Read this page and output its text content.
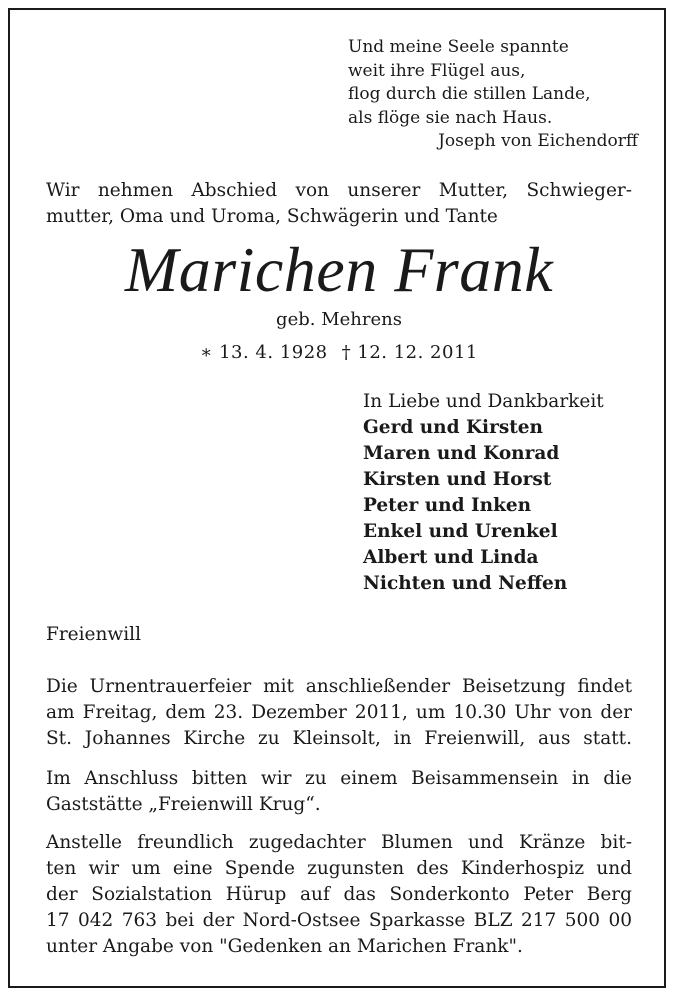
Und meine Seele spannte
weit ihre Flügel aus,
flog durch die stillen Lande,
als flöge sie nach Haus.
Joseph von Eichendorff
Wir nehmen Abschied von unserer Mutter, Schwieger-
mutter, Oma und Uroma, Schwägerin und Tante
Marichen Frank
geb. Mehrens
∗ 13. 4. 1928 † 12. 12. 2011
In Liebe und Dankbarkeit
Gerd und Kirsten
Maren und Konrad
Kirsten und Horst
Peter und Inken
Enkel und Urenkel
Albert und Linda
Nichten und Neffen
Freienwill
Die Urnentrauerfeier mit anschließender Beisetzung findet
am Freitag, dem 23. Dezember 2011, um 10.30 Uhr von der
St. Johannes Kirche zu Kleinsolt, in Freienwill, aus statt.
Im Anschluss bitten wir zu einem Beisammensein in die
Gaststätte „Freienwill Krug“.
Anstelle freundlich zugedachter Blumen und Kränze bit-
ten wir um eine Spende zugunsten des Kinderhospiz und
der Sozialstation Hürup auf das Sonderkonto Peter Berg
17 042 763 bei der Nord-Ostsee Sparkasse BLZ 217 500 00
unter Angabe von "Gedenken an Marichen Frank".
